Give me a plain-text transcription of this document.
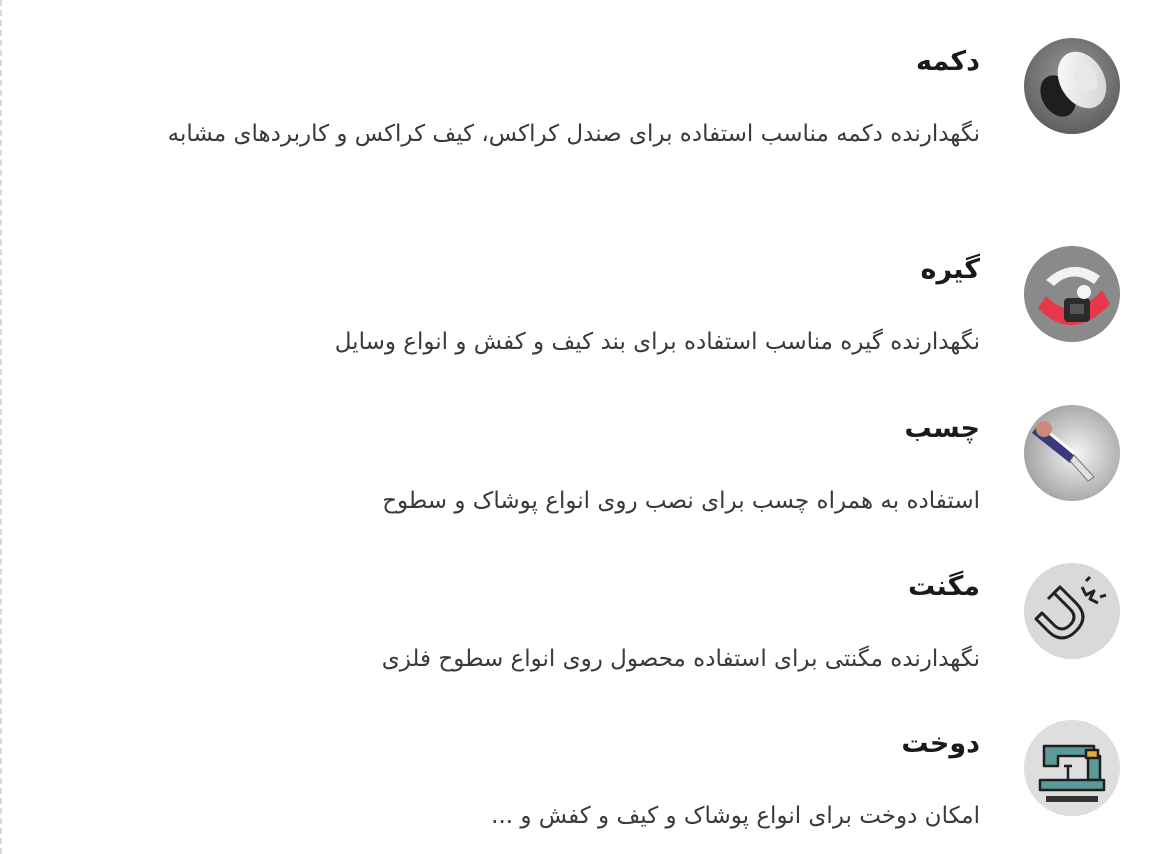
دکمه
نگهدارنده دکمه مناسب استفاده برای صندل کراکس، کیف کراکس و کاربردهای مشابه
گیره
نگهدارنده گیره مناسب استفاده برای بند کیف و کفش و انواع وسایل
چسب
استفاده به همراه چسب برای نصب روی انواع پوشاک و سطوح
مگنت
نگهدارنده مگنتی برای استفاده محصول روی انواع سطوح فلزی
دوخت
امکان دوخت برای انواع پوشاک و کیف و کفش و ...
